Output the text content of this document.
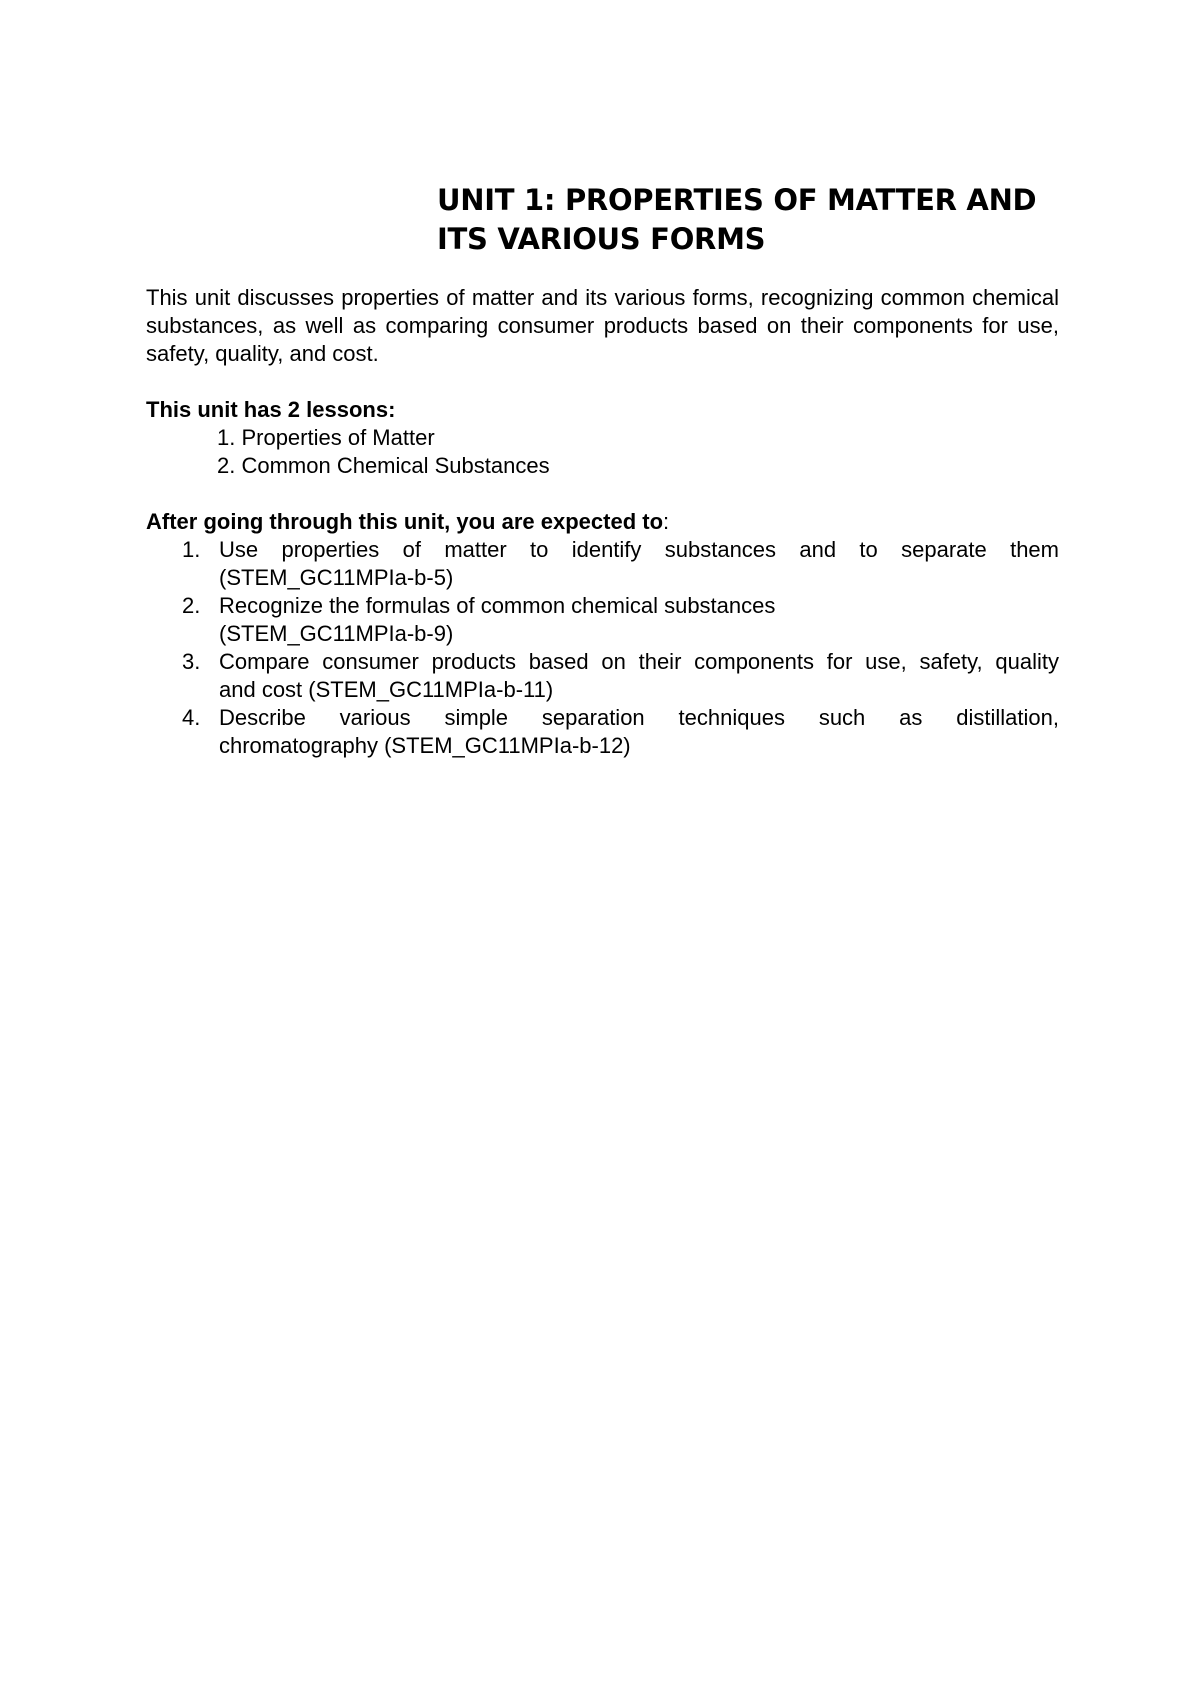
UNIT 1: PROPERTIES OF MATTER AND
ITS VARIOUS FORMS

This unit discusses properties of matter and its various forms, recognizing common chemical substances, as well as comparing consumer products based on their components for use, safety, quality, and cost.

This unit has 2 lessons:

1. Properties of Matter
2. Common Chemical Substances

After going through this unit, you are expected to:

1. Use properties of matter to identify substances and to separate them
(STEM_GC11MPIa-b-5)
2. Recognize the formulas of common chemical substances
(STEM_GC11MPIa-b-9)
3. Compare consumer products based on their components for use, safety, quality
and cost (STEM_GC11MPIa-b-11)
4. Describe various simple separation techniques such as distillation,
chromatography (STEM_GC11MPIa-b-12)
